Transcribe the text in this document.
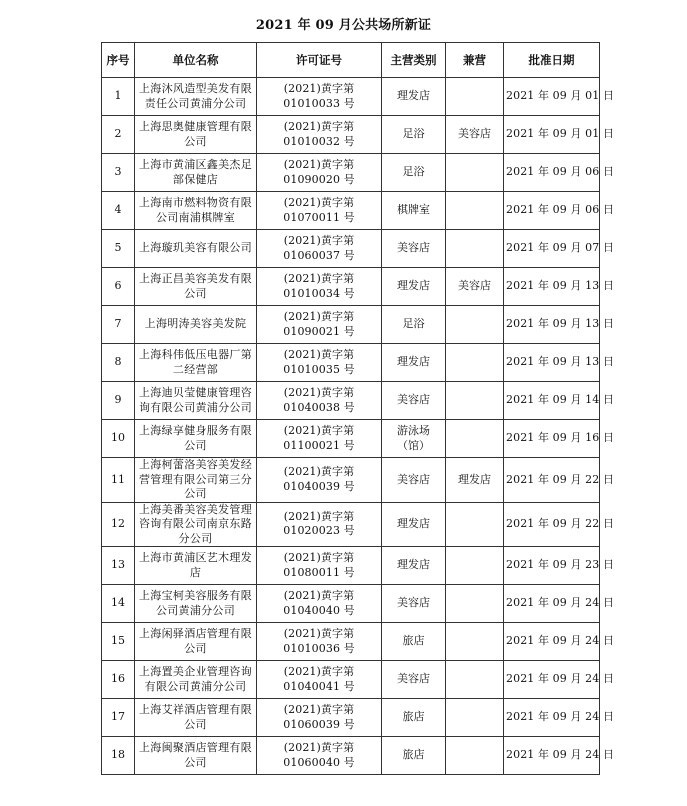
2021 年 09 月公共场所新证
序号	单位名称	许可证号	主营类别	兼营	批准日期
1	上海沐风造型美发有限责任公司黄浦分公司	(2021)黄字第 01010033 号	理发店		2021 年 09 月 01 日
2	上海思奥健康管理有限公司	(2021)黄字第 01010032 号	足浴	美容店	2021 年 09 月 01 日
3	上海市黄浦区鑫美杰足部保健店	(2021)黄字第 01090020 号	足浴		2021 年 09 月 06 日
4	上海南市燃料物资有限公司南浦棋牌室	(2021)黄字第 01070011 号	棋牌室		2021 年 09 月 06 日
5	上海璇玑美容有限公司	(2021)黄字第 01060037 号	美容店		2021 年 09 月 07 日
6	上海正昌美容美发有限公司	(2021)黄字第 01010034 号	理发店	美容店	2021 年 09 月 13 日
7	上海明涛美容美发院	(2021)黄字第 01090021 号	足浴		2021 年 09 月 13 日
8	上海科伟低压电器厂第二经营部	(2021)黄字第 01010035 号	理发店		2021 年 09 月 13 日
9	上海迪贝莹健康管理咨询有限公司黄浦分公司	(2021)黄字第 01040038 号	美容店		2021 年 09 月 14 日
10	上海绿享健身服务有限公司	(2021)黄字第 01100021 号	游泳场（馆）		2021 年 09 月 16 日
11	上海柯蕾洛美容美发经营管理有限公司第三分公司	(2021)黄字第 01040039 号	美容店	理发店	2021 年 09 月 22 日
12	上海美番美容美发管理咨询有限公司南京东路分公司	(2021)黄字第 01020023 号	理发店		2021 年 09 月 22 日
13	上海市黄浦区艺木理发店	(2021)黄字第 01080011 号	理发店		2021 年 09 月 23 日
14	上海宝柯美容服务有限公司黄浦分公司	(2021)黄字第 01040040 号	美容店		2021 年 09 月 24 日
15	上海闲驿酒店管理有限公司	(2021)黄字第 01010036 号	旅店		2021 年 09 月 24 日
16	上海置美企业管理咨询有限公司黄浦分公司	(2021)黄字第 01040041 号	美容店		2021 年 09 月 24 日
17	上海艾祥酒店管理有限公司	(2021)黄字第 01060039 号	旅店		2021 年 09 月 24 日
18	上海闽聚酒店管理有限公司	(2021)黄字第 01060040 号	旅店		2021 年 09 月 24 日
